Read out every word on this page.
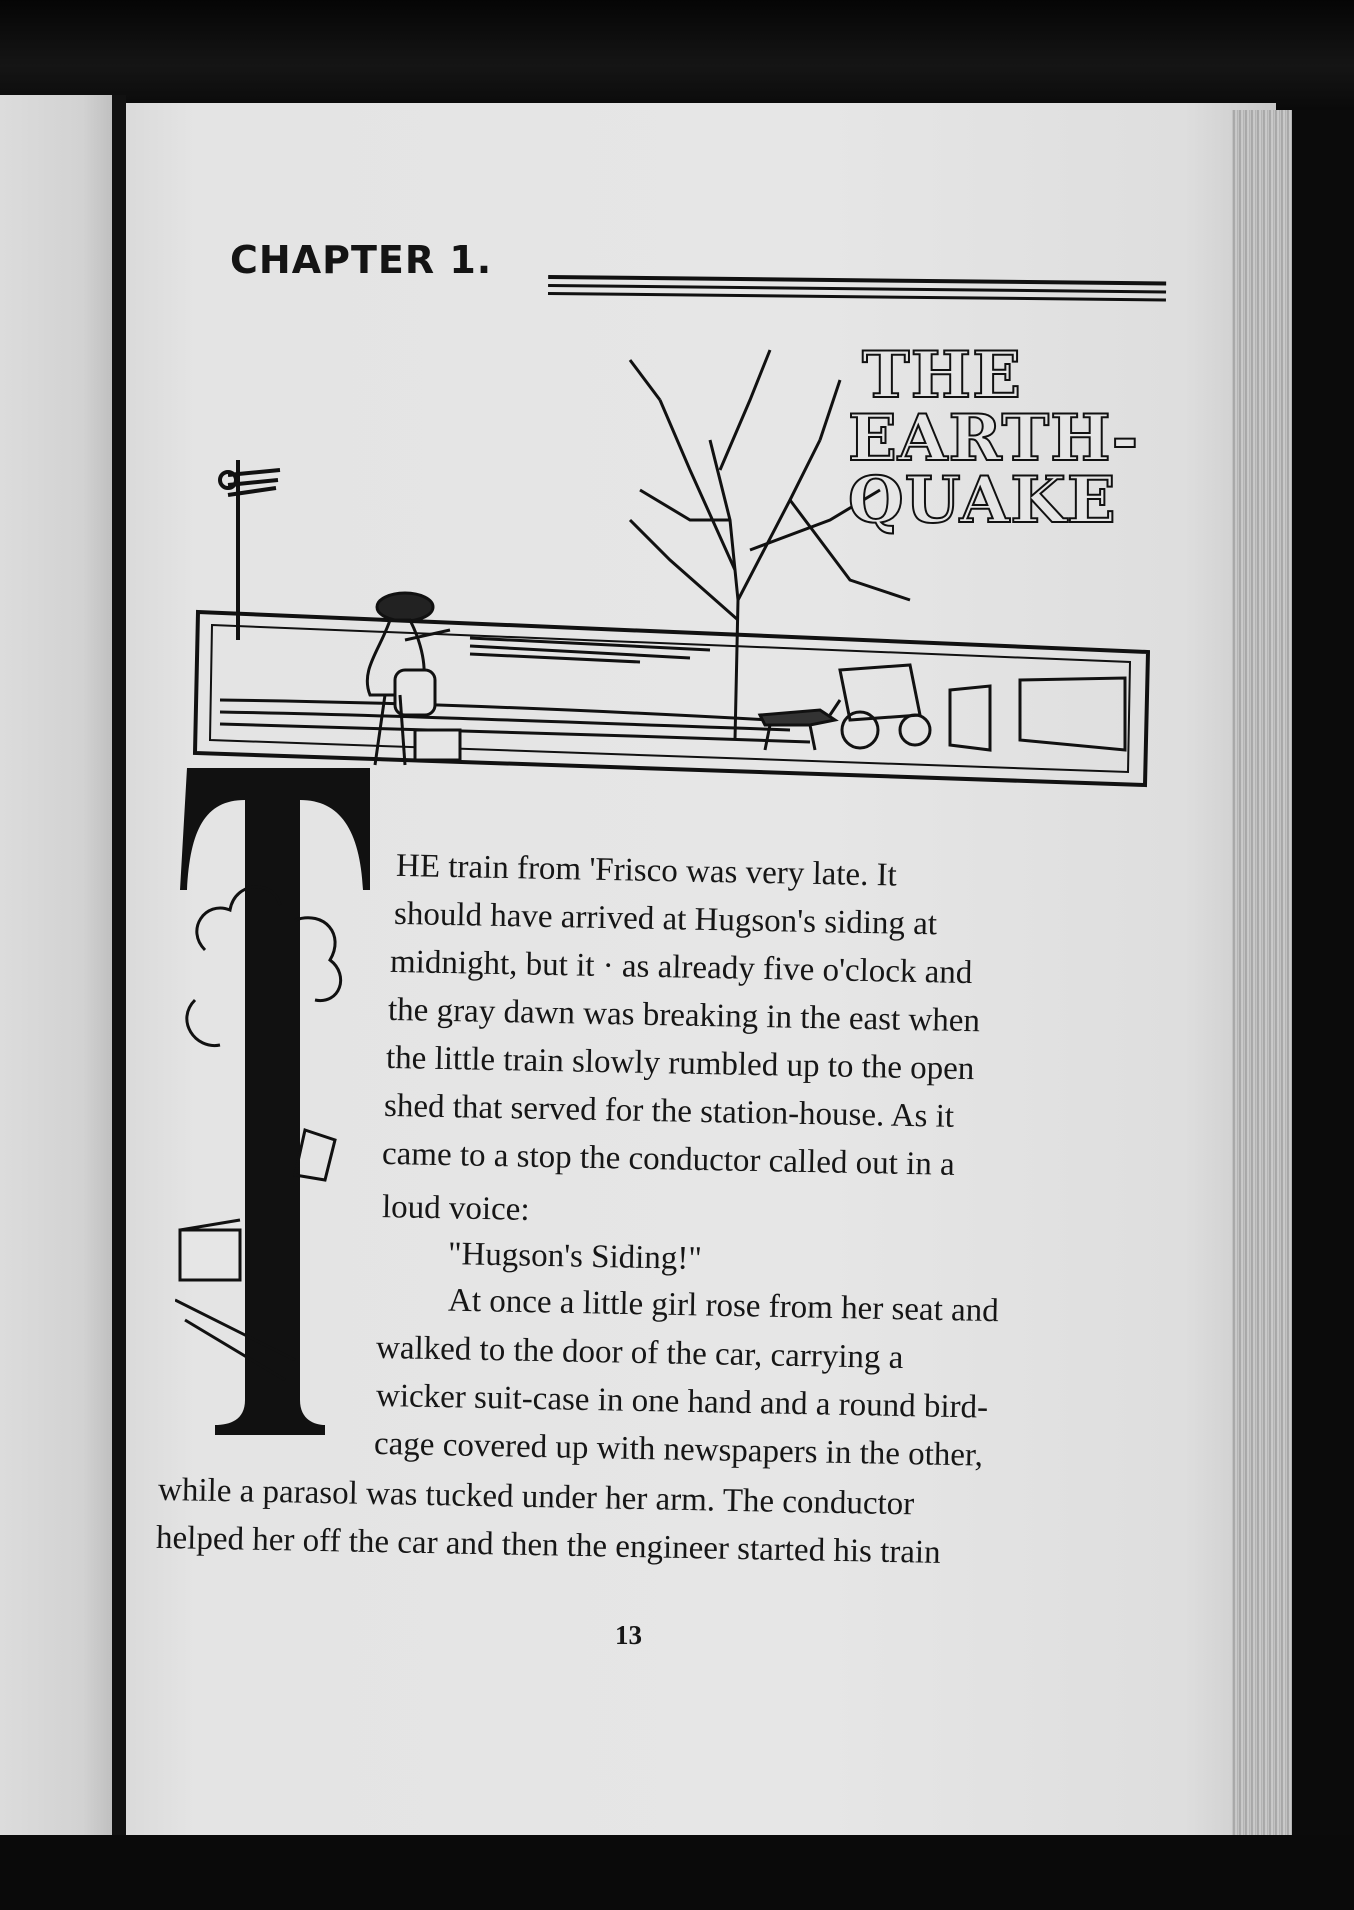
CHAPTER 1.
THE
EARTH-
QUAKE
HE train from 'Frisco was very late. It
should have arrived at Hugson's siding at
midnight, but it · as already five o'clock and
the gray dawn was breaking in the east when
the little train slowly rumbled up to the open
shed that served for the station-house. As it
came to a stop the conductor called out in a
loud voice:
"Hugson's Siding!"
At once a little girl rose from her seat and
walked to the door of the car, carrying a
wicker suit-case in one hand and a round bird-
cage covered up with newspapers in the other,
while a parasol was tucked under her arm. The conductor
helped her off the car and then the engineer started his train
13
